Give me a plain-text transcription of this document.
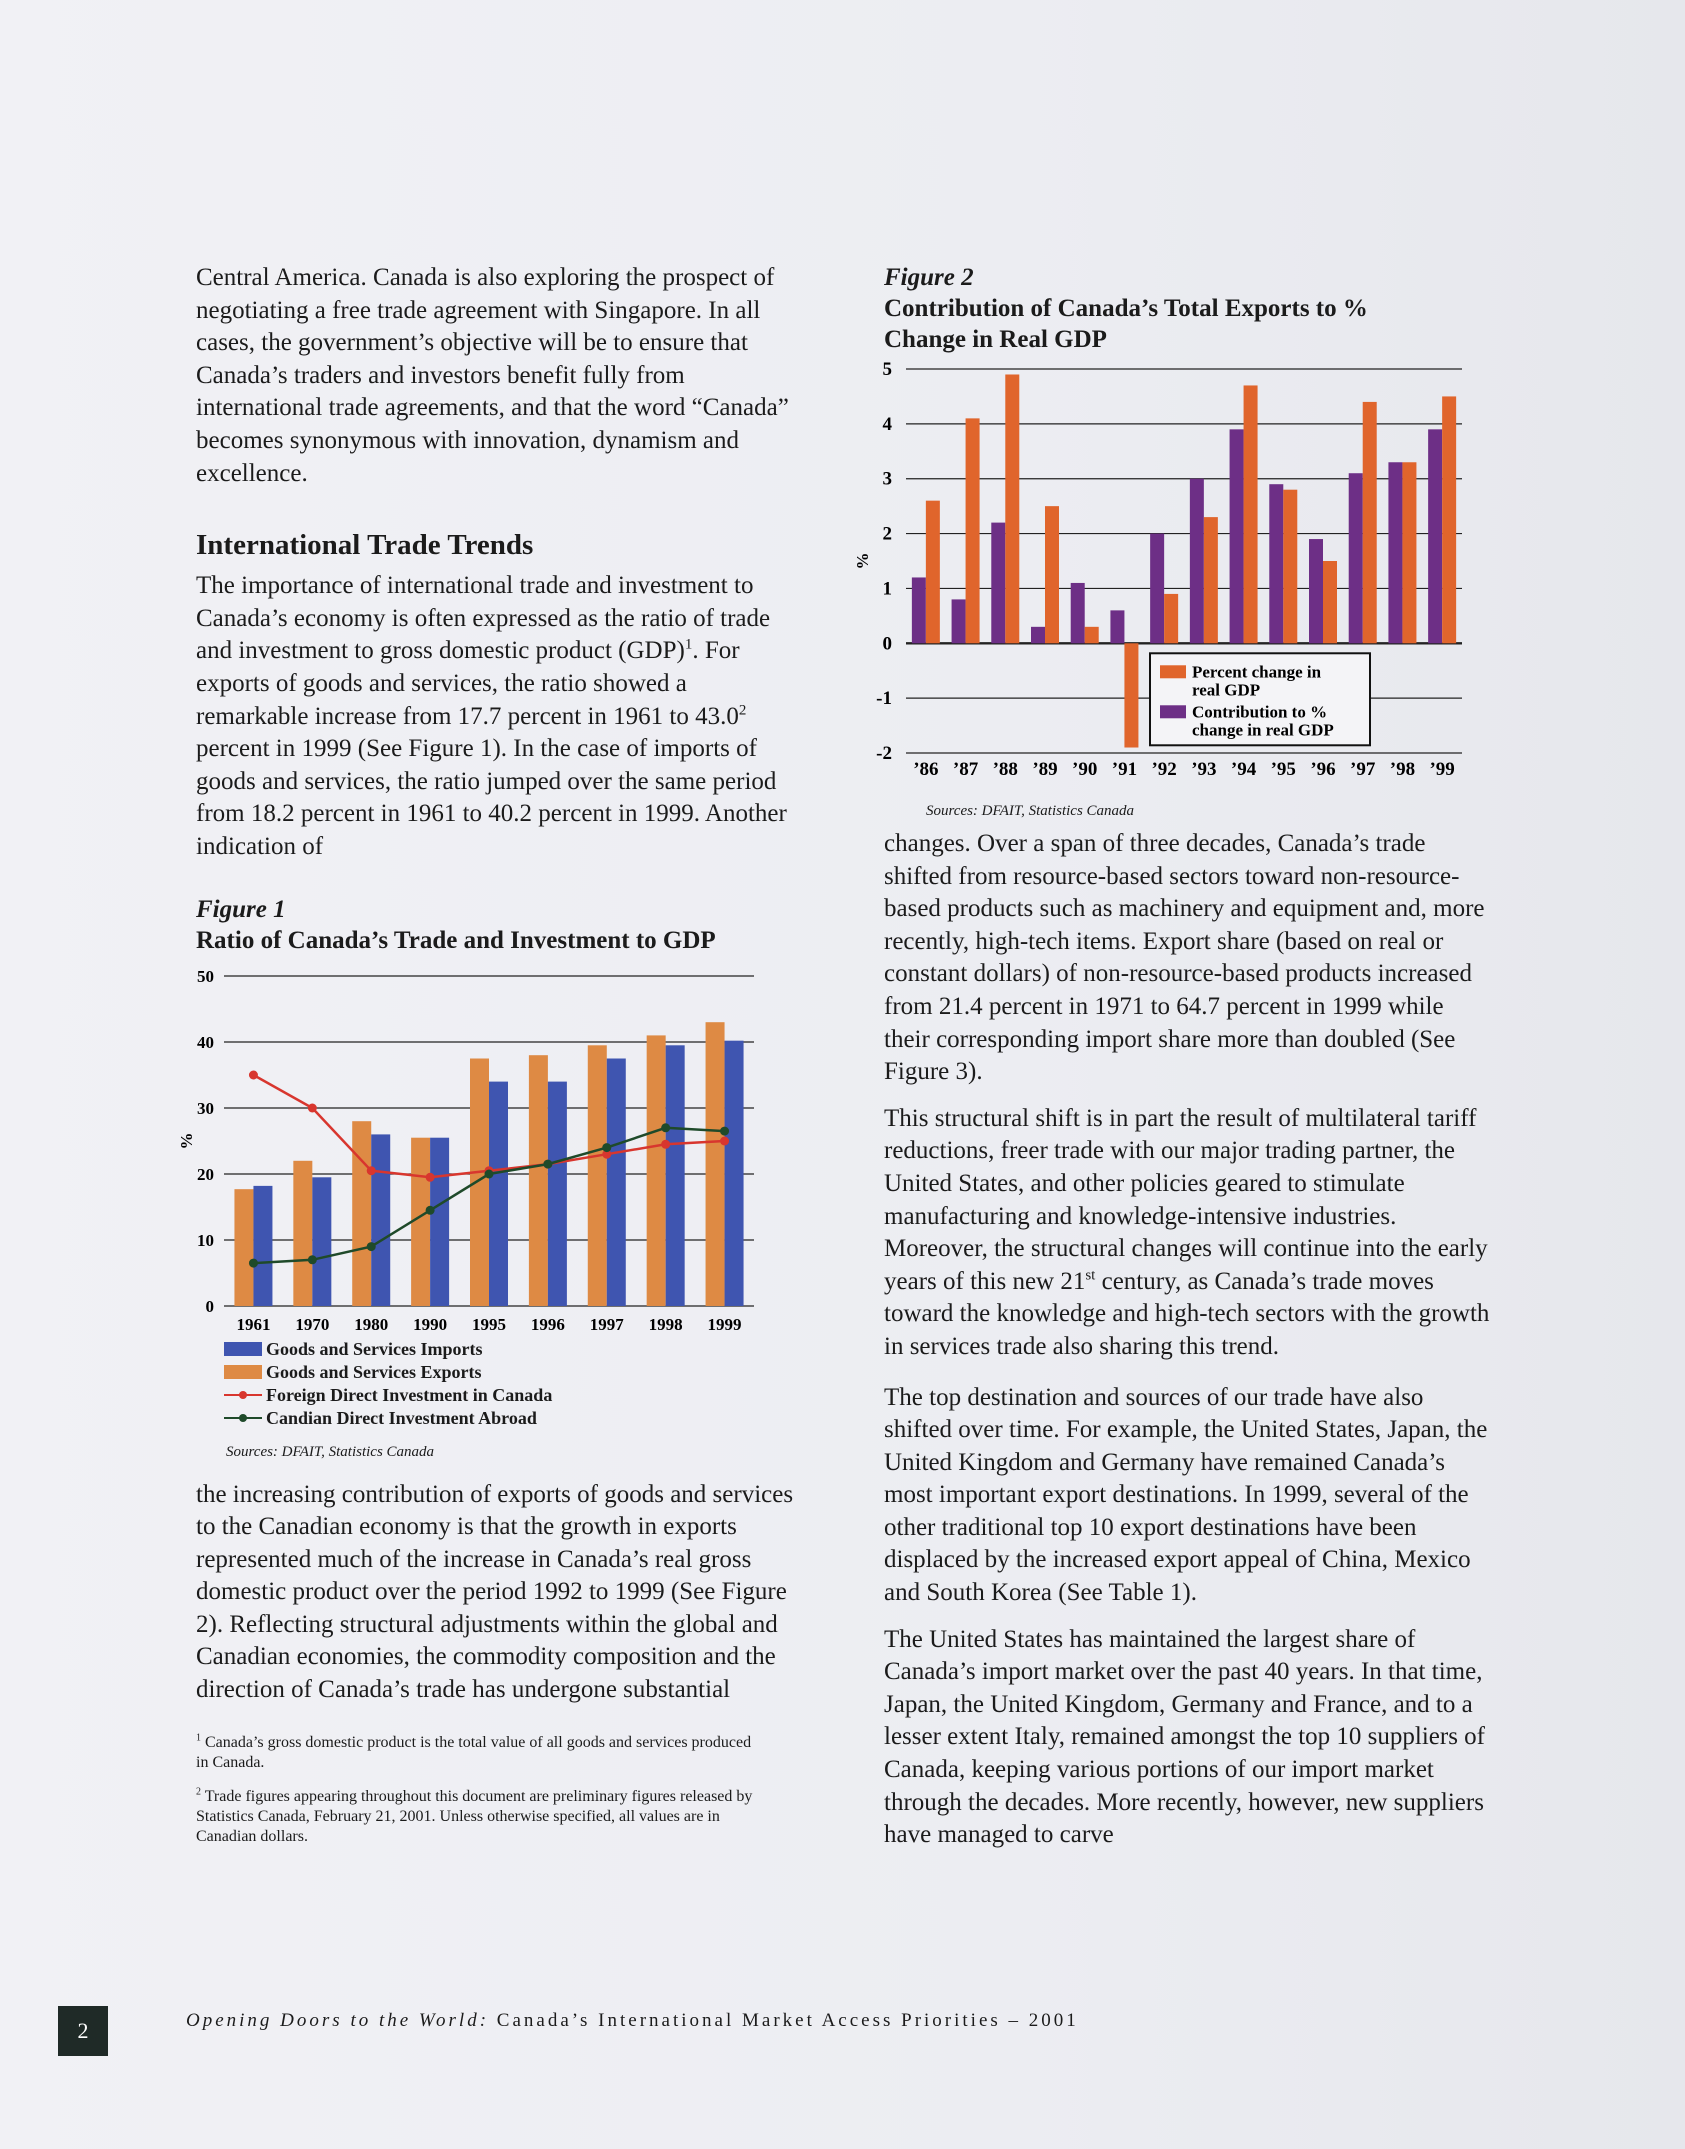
Central America. Canada is also exploring the prospect of negotiating a free trade agreement with Singapore. In all cases, the government’s objective will be to ensure that Canada’s traders and investors benefit fully from international trade agreements, and that the word “Canada” becomes synonymous with innovation, dynamism and excellence.

International Trade Trends

The importance of international trade and investment to Canada’s economy is often expressed as the ratio of trade and investment to gross domestic product (GDP)$^1$. For exports of goods and services, the ratio showed a remarkable increase from 17.7 percent in 1961 to 43.0$^2$ percent in 1999 (See Figure 1). In the case of imports of goods and services, the ratio jumped over the same period from 18.2 percent in 1961 to 40.2 percent in 1999. Another indication of

Figure 1
Ratio of Canada’s Trade and Investment to GDP
0
10
20
30
40
50
%
1961 1970 1980 1990 1995 1996 1997 1998 1999
Goods and Services Imports
Goods and Services Exports
Foreign Direct Investment in Canada
Candian Direct Investment Abroad
Sources: DFAIT, Statistics Canada

the increasing contribution of exports of goods and services to the Canadian economy is that the growth in exports represented much of the increase in Canada’s real gross domestic product over the period 1992 to 1999 (See Figure 2). Reflecting structural adjustments within the global and Canadian economies, the commodity composition and the direction of Canada’s trade has undergone substantial

$^1$ Canada’s gross domestic product is the total value of all goods and services produced in Canada.
$^2$ Trade figures appearing throughout this document are preliminary figures released by Statistics Canada, February 21, 2001. Unless otherwise specified, all values are in Canadian dollars.
Figure 2
Contribution of Canada’s Total Exports to % Change in Real GDP
-2
-1
0
1
2
3
4
5
%
’86 ’87 ’88 ’89 ’90 ’91 ’92 ’93 ’94 ’95 ’96 ’97 ’98 ’99
Percent change in
real GDP
Contribution to %
change in real GDP
Sources: DFAIT, Statistics Canada

changes. Over a span of three decades, Canada’s trade shifted from resource-based sectors toward non-resource-based products such as machinery and equipment and, more recently, high-tech items. Export share (based on real or constant dollars) of non-resource-based products increased from 21.4 percent in 1971 to 64.7 percent in 1999 while their corresponding import share more than doubled (See Figure 3).

This structural shift is in part the result of multilateral tariff reductions, freer trade with our major trading partner, the United States, and other policies geared to stimulate manufacturing and knowledge-intensive industries. Moreover, the structural changes will continue into the early years of this new 21st century, as Canada’s trade moves toward the knowledge and high-tech sectors with the growth in services trade also sharing this trend.

The top destination and sources of our trade have also shifted over time. For example, the United States, Japan, the United Kingdom and Germany have remained Canada’s most important export destinations. In 1999, several of the other traditional top 10 export destinations have been displaced by the increased export appeal of China, Mexico and South Korea (See Table 1).

The United States has maintained the largest share of Canada’s import market over the past 40 years. In that time, Japan, the United Kingdom, Germany and France, and to a lesser extent Italy, remained amongst the top 10 suppliers of Canada, keeping various portions of our import market through the decades. More recently, however, new suppliers have managed to carve

2	Opening Doors to the World: Canada’s International Market Access Priorities – 2001
